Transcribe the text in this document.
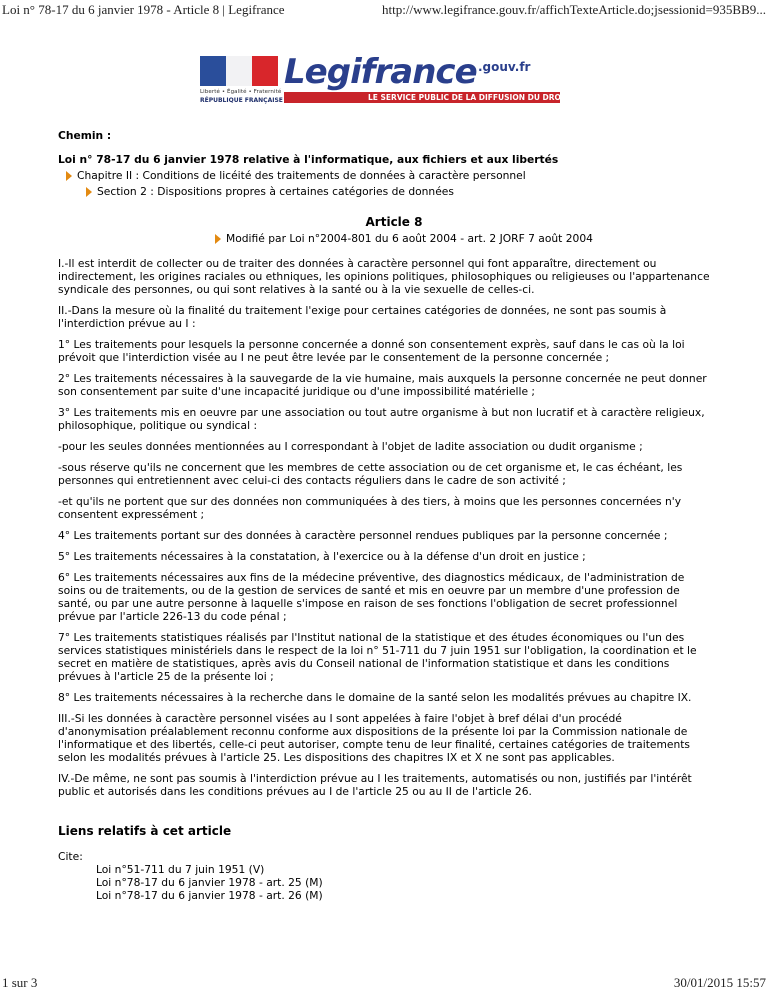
Loi n° 78-17 du 6 janvier 1978 - Article 8 | Legifrance	http://www.legifrance.gouv.fr/affichTexteArticle.do;jsessionid=935BB9...
Liberté • Égalité • Fraternité
RÉPUBLIQUE FRANÇAISE
Legifrance .gouv.fr
LE SERVICE PUBLIC DE LA DIFFUSION DU DROIT
Chemin :
Loi n° 78-17 du 6 janvier 1978 relative à l'informatique, aux fichiers et aux libertés
Chapitre II : Conditions de licéité des traitements de données à caractère personnel
Section 2 : Dispositions propres à certaines catégories de données
Article 8
Modifié par Loi n°2004-801 du 6 août 2004 - art. 2 JORF 7 août 2004

I.-Il est interdit de collecter ou de traiter des données à caractère personnel qui font apparaître, directement ou indirectement, les origines raciales ou ethniques, les opinions politiques, philosophiques ou religieuses ou l'appartenance syndicale des personnes, ou qui sont relatives à la santé ou à la vie sexuelle de celles-ci.

II.-Dans la mesure où la finalité du traitement l'exige pour certaines catégories de données, ne sont pas soumis à l'interdiction prévue au I :

1° Les traitements pour lesquels la personne concernée a donné son consentement exprès, sauf dans le cas où la loi prévoit que l'interdiction visée au I ne peut être levée par le consentement de la personne concernée ;

2° Les traitements nécessaires à la sauvegarde de la vie humaine, mais auxquels la personne concernée ne peut donner son consentement par suite d'une incapacité juridique ou d'une impossibilité matérielle ;

3° Les traitements mis en oeuvre par une association ou tout autre organisme à but non lucratif et à caractère religieux, philosophique, politique ou syndical :

-pour les seules données mentionnées au I correspondant à l'objet de ladite association ou dudit organisme ;

-sous réserve qu'ils ne concernent que les membres de cette association ou de cet organisme et, le cas échéant, les personnes qui entretiennent avec celui-ci des contacts réguliers dans le cadre de son activité ;

-et qu'ils ne portent que sur des données non communiquées à des tiers, à moins que les personnes concernées n'y consentent expressément ;

4° Les traitements portant sur des données à caractère personnel rendues publiques par la personne concernée ;

5° Les traitements nécessaires à la constatation, à l'exercice ou à la défense d'un droit en justice ;

6° Les traitements nécessaires aux fins de la médecine préventive, des diagnostics médicaux, de l'administration de soins ou de traitements, ou de la gestion de services de santé et mis en oeuvre par un membre d'une profession de santé, ou par une autre personne à laquelle s'impose en raison de ses fonctions l'obligation de secret professionnel prévue par l'article 226-13 du code pénal ;

7° Les traitements statistiques réalisés par l'Institut national de la statistique et des études économiques ou l'un des services statistiques ministériels dans le respect de la loi n° 51-711 du 7 juin 1951 sur l'obligation, la coordination et le secret en matière de statistiques, après avis du Conseil national de l'information statistique et dans les conditions prévues à l'article 25 de la présente loi ;

8° Les traitements nécessaires à la recherche dans le domaine de la santé selon les modalités prévues au chapitre IX.

III.-Si les données à caractère personnel visées au I sont appelées à faire l'objet à bref délai d'un procédé d'anonymisation préalablement reconnu conforme aux dispositions de la présente loi par la Commission nationale de l'informatique et des libertés, celle-ci peut autoriser, compte tenu de leur finalité, certaines catégories de traitements selon les modalités prévues à l'article 25. Les dispositions des chapitres IX et X ne sont pas applicables.

IV.-De même, ne sont pas soumis à l'interdiction prévue au I les traitements, automatisés ou non, justifiés par l'intérêt public et autorisés dans les conditions prévues au I de l'article 25 ou au II de l'article 26.

Liens relatifs à cet article
Cite:
Loi n°51-711 du 7 juin 1951 (V)
Loi n°78-17 du 6 janvier 1978 - art. 25 (M)
Loi n°78-17 du 6 janvier 1978 - art. 26 (M)
1 sur 3	30/01/2015 15:57
